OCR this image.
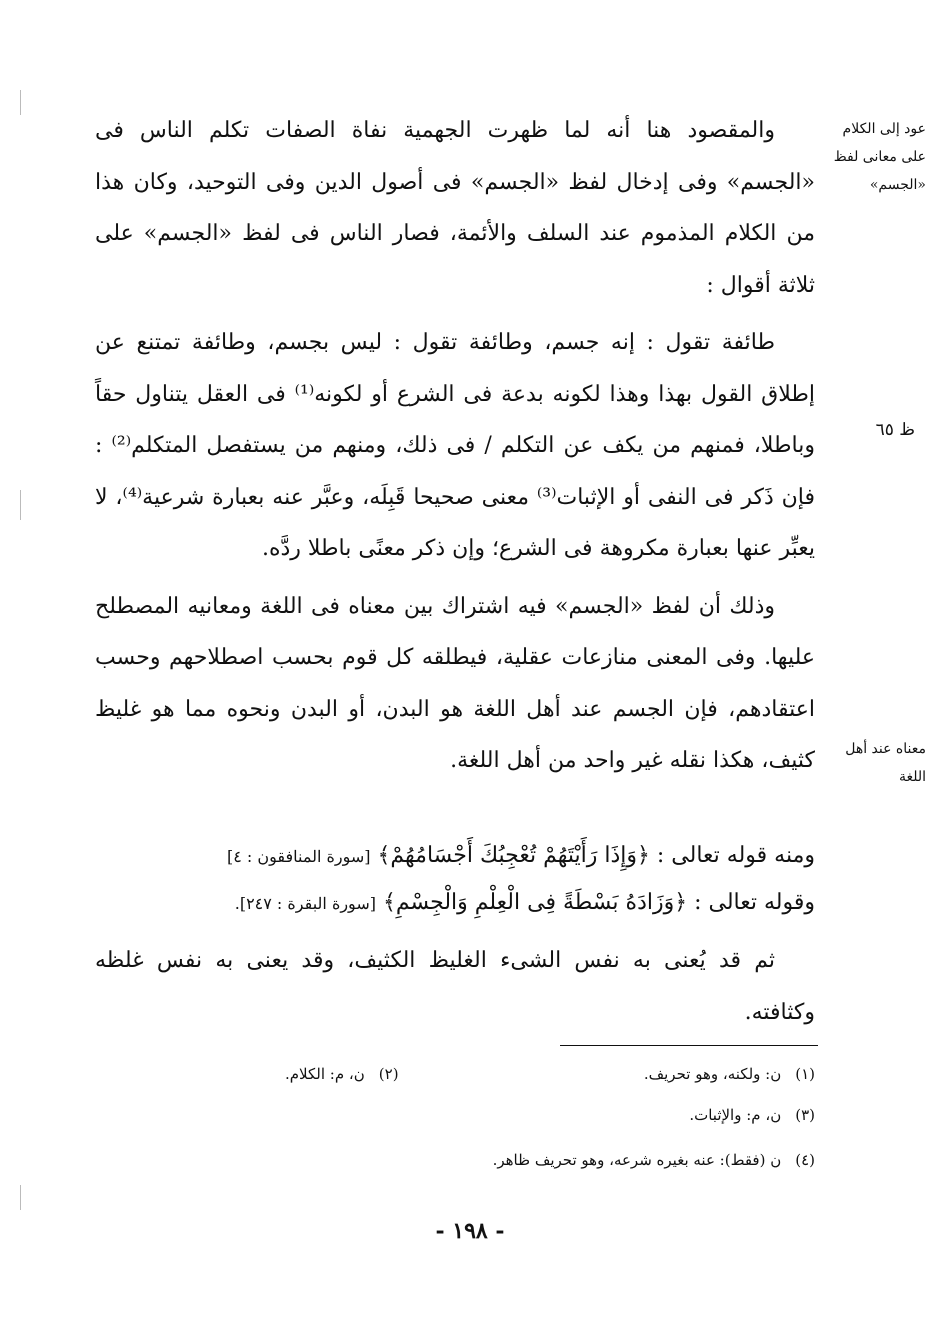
عود إلى الكلام على معانى لفظ «الجسم»
ظ ٦٥
معناه عند أهل اللغة

والمقصود هنا أنه لما ظهرت الجهمية نفاة الصفات تكلم الناس فى «الجسم» وفى إدخال لفظ «الجسم» فى أصول الدين وفى التوحيد، وكان هذا من الكلام المذموم عند السلف والأئمة، فصار الناس فى لفظ «الجسم» على ثلاثة أقوال :

طائفة تقول : إنه جسم، وطائفة تقول : ليس بجسم، وطائفة تمتنع عن إطلاق القول بهذا وهذا لكونه بدعة فى الشرع أو لكونه⁽¹⁾ فى العقل يتناول حقاً وباطلا، فمنهم من يكف عن التكلم / فى ذلك، ومنهم من يستفصل المتكلم⁽²⁾ : فإن ذَكر فى النفى أو الإثبات⁽³⁾ معنى صحيحا قَبِلَه، وعبَّر عنه بعبارة شرعية⁽⁴⁾، لا يعبِّر عنها بعبارة مكروهة فى الشرع؛ وإن ذكر معنًى باطلا ردَّه.

وذلك أن لفظ «الجسم» فيه اشتراك بين معناه فى اللغة ومعانيه المصطلح عليها. وفى المعنى منازعات عقلية، فيطلقه كل قوم بحسب اصطلاحهم وحسب اعتقادهم، فإن الجسم عند أهل اللغة هو البدن، أو البدن ونحوه مما هو غليظ كثيف، هكذا نقله غير واحد من أهل اللغة.

ومنه قوله تعالى : ﴿وَإِذَا رَأَيْتَهُمْ تُعْجِبُكَ أَجْسَامُهُمْ﴾ [سورة المنافقون : ٤]
وقوله تعالى : ﴿وَزَادَهُ بَسْطَةً فِى الْعِلْمِ وَالْجِسْمِ﴾ [سورة البقرة : ٢٤٧].

ثم قد يُعنى به نفس الشىء الغليظ الكثيف، وقد يعنى به نفس غلظه وكثافته.

(١)ن: ولكنه، وهو تحريف.
(٢)ن، م: الكلام.
(٣)ن، م: والإثبات.
(٤)ن (فقط): عنه بغيره شرعه، وهو تحريف ظاهر.
- ١٩٨ -
